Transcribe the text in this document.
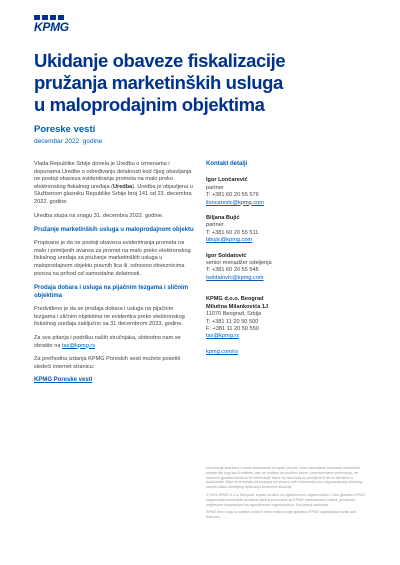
KPMG
Ukidanje obaveze fiskalizacije
pružanja marketinških usluga
u maloprodajnim objektima
Poreske vesti
decembar 2022. godine

Vlada Republike Srbije donela je Uredbu o izmenama i dopunama Uredbe o određivanju delatnosti kod čijeg obavljanja ne postoji obaveza evidentiranja prometa na malo preko elektronskog fiskalnog uređaja (Uredba). Uredba je objavljena u Službenom glasniku Republike Srbije broj 141 od 23. decembra 2022. godine.

Uredba stupa na snagu 31. decembra 2022. godine.

Pružanje marketinških usluga u maloprodajnom objektu

Propisano je da ne postoji obaveza evidentiranja prometa na malo i primljenih avansa za promet na malo preko elektronskog fiskalnog uređaja za pružanje marketinških usluga u maloprodajnom objektu pravnih lica ili, odnosno obveznicima poreza na prihod od samostalne delatnosti.

Prodaja dobara i usluga na pijačnim tezgama i sličnim objektima

Predviđeno je da se prodaja dobara i usluga na pijačnim tezgama i sličnim objektima ne evidentira preko elektronskog fiskalnog uređaja zaključno sa 31 decembrom 2023. godine.

Za sva pitanja i podršku naših stručnjaka, slobodno nam se obratite na tax@kpmg.rs

Za prethodna izdanja KPMG Poreskih vesti možete posetiti sledeći internet stranicu:

KPMG Poreske vesti
Kontakt detalji
Igor Lončarević
partner
T: +381 60 20 55 576
iloncarevic@kpmg.com
Biljana Bujić
partner
T: +381 60 20 55 511
bbujic@kpmg.com
Igor Soldatović
senior menadžer odeljenja
T: +381 60 20 55 546
isoldatovic@kpmg.com
KPMG d.o.o. Beograd
Milutina Milankovića 1J
11070 Beograd, Srbija
T: +381 11 20 50 500
F: +381 11 20 50 550
tax@kpmg.rs
kpmg.com/rs

Informacije sadržane u ovom dokumentu su opšte prirode i nisu namenjene rešavanju konkretnih pitanja bilo kog lica ili entiteta. Iako se trudimo da pružimo tačne i pravovremene informacije, ne možemo garantovati da su te informacije tačne na dan kada su primljene ili da će biti tačne u budućnosti. Niko ne bi trebalo da postupa na osnovu ovih informacija bez odgovarajućeg stručnog saveta nakon temeljnog ispitivanja konkretne situacije.

© 2022 KPMG d.o.o. Beograd, srpsko društvo sa ograničenom odgovornošću i član globalne KPMG organizacije nezavisnih društava članica povezanih sa KPMG International Limited, privatnom engleskom kompanijom sa ograničenom odgovornošću. Sva prava zadržana.

KPMG ime i logo su zaštitni znaci ili robni znakovi koje globalna KPMG organizacija koristi pod licencom.
